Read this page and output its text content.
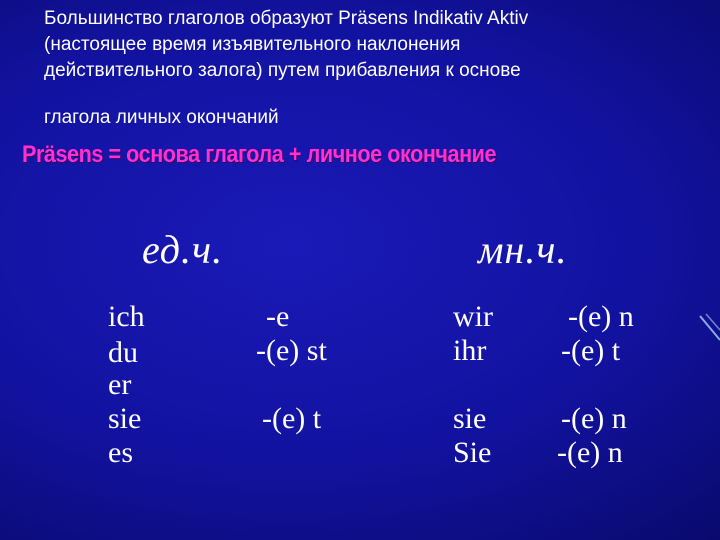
Большинство глаголов образуют Präsens Indikativ Aktiv

(настоящее время изъявительного наклонения

действительного залога) путем прибавления к основе

глагола личных окончаний

Präsens = основа глагола + личное окончание
ед.ч.	мн.ч.
ich
du
er
sie
es
-e
-(e) st
-(e) t
wir
ihr
sie
Sie
-(e) n
-(e) t
-(e) n
-(e) n
